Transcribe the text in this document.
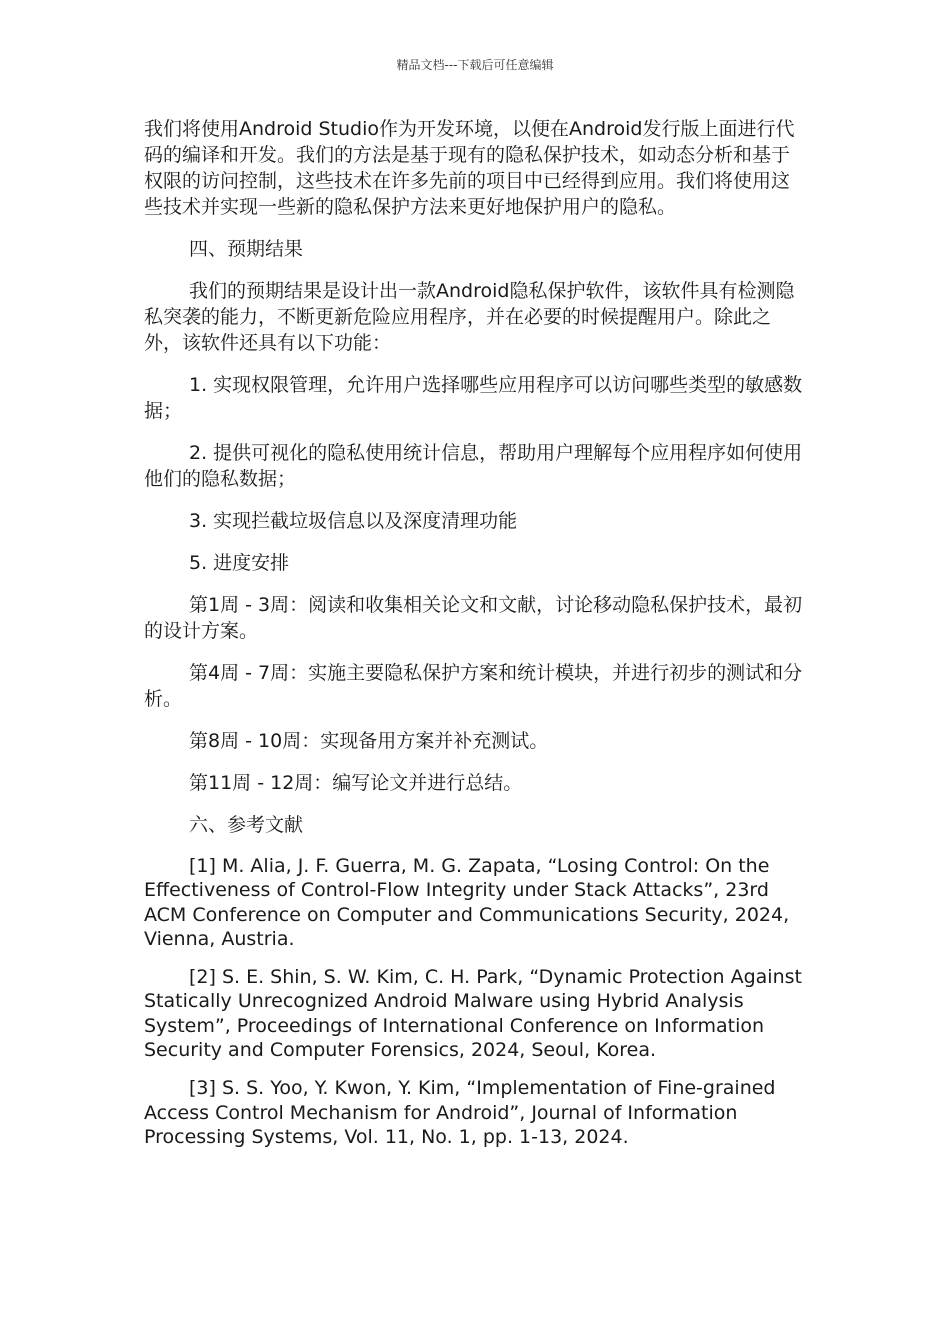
精品文档---下载后可任意编辑

我们将使用Android Studio作为开发环境，以便在Android发行版上面进行代码的编译和开发。我们的方法是基于现有的隐私保护技术，如动态分析和基于权限的访问控制，这些技术在许多先前的项目中已经得到应用。我们将使用这些技术并实现一些新的隐私保护方法来更好地保护用户的隐私。

四、预期结果

我们的预期结果是设计出一款Android隐私保护软件，该软件具有检测隐私突袭的能力，不断更新危险应用程序，并在必要的时候提醒用户。除此之外，该软件还具有以下功能：

1. 实现权限管理，允许用户选择哪些应用程序可以访问哪些类型的敏感数据；

2. 提供可视化的隐私使用统计信息，帮助用户理解每个应用程序如何使用他们的隐私数据；

3. 实现拦截垃圾信息以及深度清理功能

5. 进度安排

第1周 - 3周：阅读和收集相关论文和文献，讨论移动隐私保护技术，最初的设计方案。

第4周 - 7周：实施主要隐私保护方案和统计模块，并进行初步的测试和分析。

第8周 - 10周：实现备用方案并补充测试。

第11周 - 12周：编写论文并进行总结。

六、参考文献

[1] M. Alia, J. F. Guerra, M. G. Zapata, “Losing Control: On the Effectiveness of Control-Flow Integrity under Stack Attacks”, 23rd ACM Conference on Computer and Communications Security, 2024, Vienna, Austria.

[2] S. E. Shin, S. W. Kim, C. H. Park, “Dynamic Protection Against Statically Unrecognized Android Malware using Hybrid Analysis System”, Proceedings of International Conference on Information Security and Computer Forensics, 2024, Seoul, Korea.

[3] S. S. Yoo, Y. Kwon, Y. Kim, “Implementation of Fine-grained Access Control Mechanism for Android”, Journal of Information Processing Systems, Vol. 11, No. 1, pp. 1-13, 2024.
